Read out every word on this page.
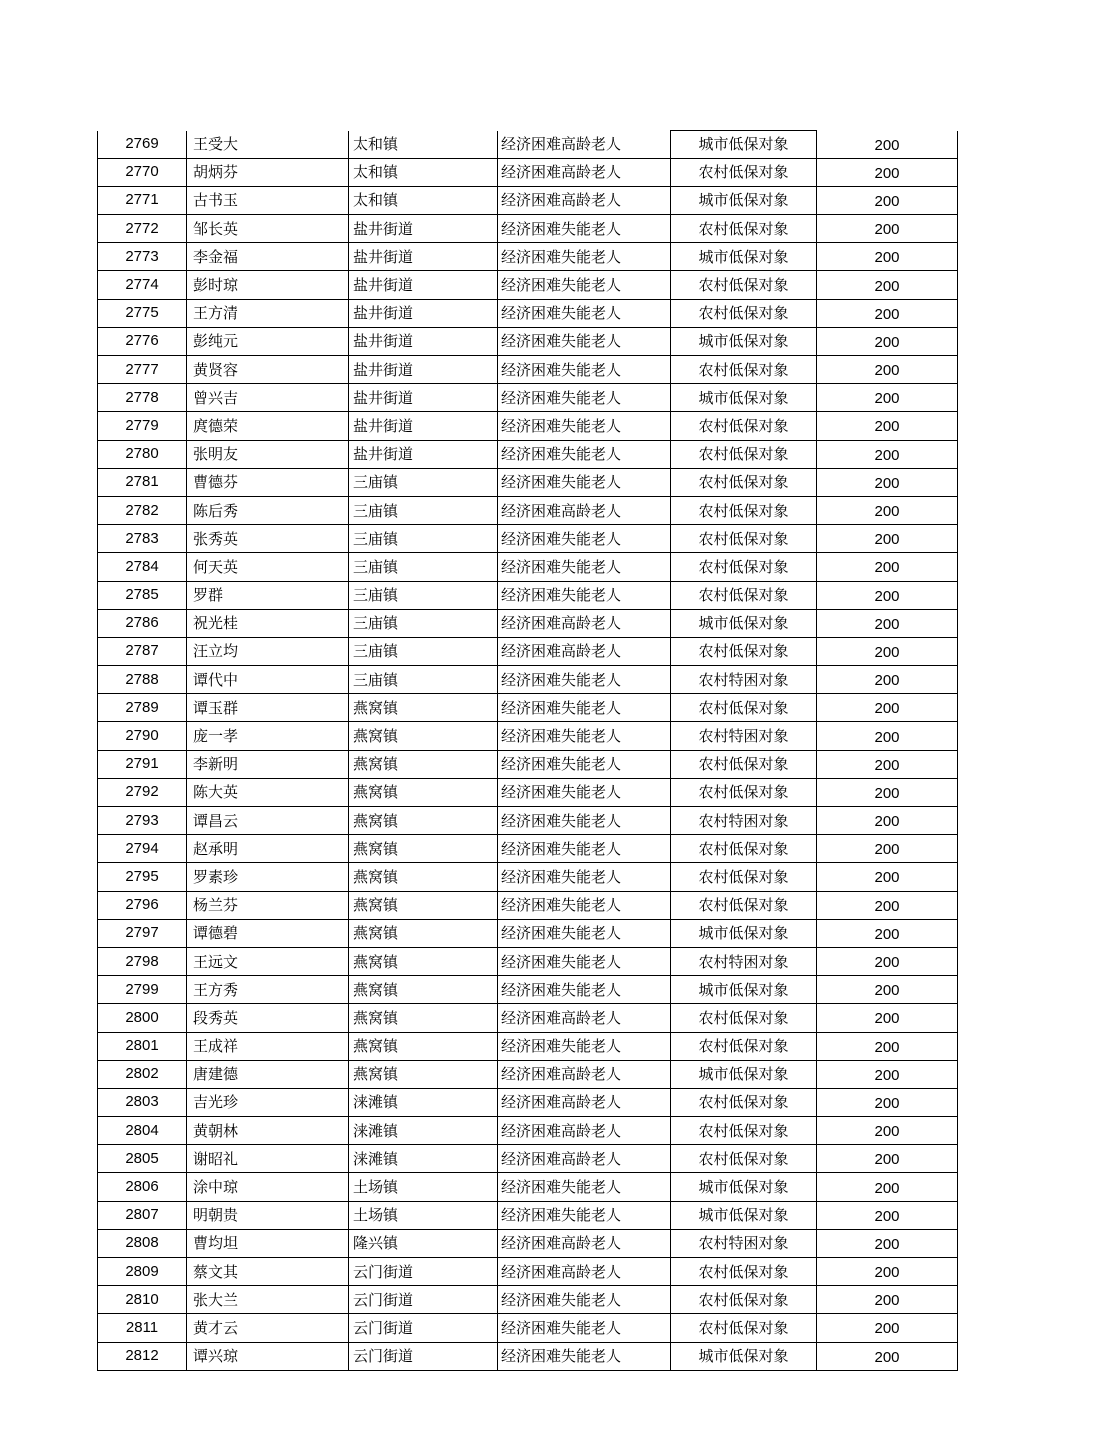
2769	王受大	太和镇	经济困难高龄老人	城市低保对象	200
2770	胡炳芬	太和镇	经济困难高龄老人	农村低保对象	200
2771	古书玉	太和镇	经济困难高龄老人	城市低保对象	200
2772	邹长英	盐井街道	经济困难失能老人	农村低保对象	200
2773	李金福	盐井街道	经济困难失能老人	城市低保对象	200
2774	彭时琼	盐井街道	经济困难失能老人	农村低保对象	200
2775	王方清	盐井街道	经济困难失能老人	农村低保对象	200
2776	彭纯元	盐井街道	经济困难失能老人	城市低保对象	200
2777	黄贤容	盐井街道	经济困难失能老人	农村低保对象	200
2778	曾兴吉	盐井街道	经济困难失能老人	城市低保对象	200
2779	庹德荣	盐井街道	经济困难失能老人	农村低保对象	200
2780	张明友	盐井街道	经济困难失能老人	农村低保对象	200
2781	曹德芬	三庙镇	经济困难失能老人	农村低保对象	200
2782	陈后秀	三庙镇	经济困难高龄老人	农村低保对象	200
2783	张秀英	三庙镇	经济困难失能老人	农村低保对象	200
2784	何天英	三庙镇	经济困难失能老人	农村低保对象	200
2785	罗群	三庙镇	经济困难失能老人	农村低保对象	200
2786	祝光桂	三庙镇	经济困难高龄老人	城市低保对象	200
2787	汪立均	三庙镇	经济困难高龄老人	农村低保对象	200
2788	谭代中	三庙镇	经济困难失能老人	农村特困对象	200
2789	谭玉群	燕窝镇	经济困难失能老人	农村低保对象	200
2790	庞一孝	燕窝镇	经济困难失能老人	农村特困对象	200
2791	李新明	燕窝镇	经济困难失能老人	农村低保对象	200
2792	陈大英	燕窝镇	经济困难失能老人	农村低保对象	200
2793	谭昌云	燕窝镇	经济困难失能老人	农村特困对象	200
2794	赵承明	燕窝镇	经济困难失能老人	农村低保对象	200
2795	罗素珍	燕窝镇	经济困难失能老人	农村低保对象	200
2796	杨兰芬	燕窝镇	经济困难失能老人	农村低保对象	200
2797	谭德碧	燕窝镇	经济困难失能老人	城市低保对象	200
2798	王远文	燕窝镇	经济困难失能老人	农村特困对象	200
2799	王方秀	燕窝镇	经济困难失能老人	城市低保对象	200
2800	段秀英	燕窝镇	经济困难高龄老人	农村低保对象	200
2801	王成祥	燕窝镇	经济困难失能老人	农村低保对象	200
2802	唐建德	燕窝镇	经济困难高龄老人	城市低保对象	200
2803	吉光珍	涞滩镇	经济困难高龄老人	农村低保对象	200
2804	黄朝林	涞滩镇	经济困难高龄老人	农村低保对象	200
2805	谢昭礼	涞滩镇	经济困难高龄老人	农村低保对象	200
2806	涂中琼	土场镇	经济困难失能老人	城市低保对象	200
2807	明朝贵	土场镇	经济困难失能老人	城市低保对象	200
2808	曹均坦	隆兴镇	经济困难高龄老人	农村特困对象	200
2809	蔡文其	云门街道	经济困难高龄老人	农村低保对象	200
2810	张大兰	云门街道	经济困难失能老人	农村低保对象	200
2811	黄才云	云门街道	经济困难失能老人	农村低保对象	200
2812	谭兴琼	云门街道	经济困难失能老人	城市低保对象	200
